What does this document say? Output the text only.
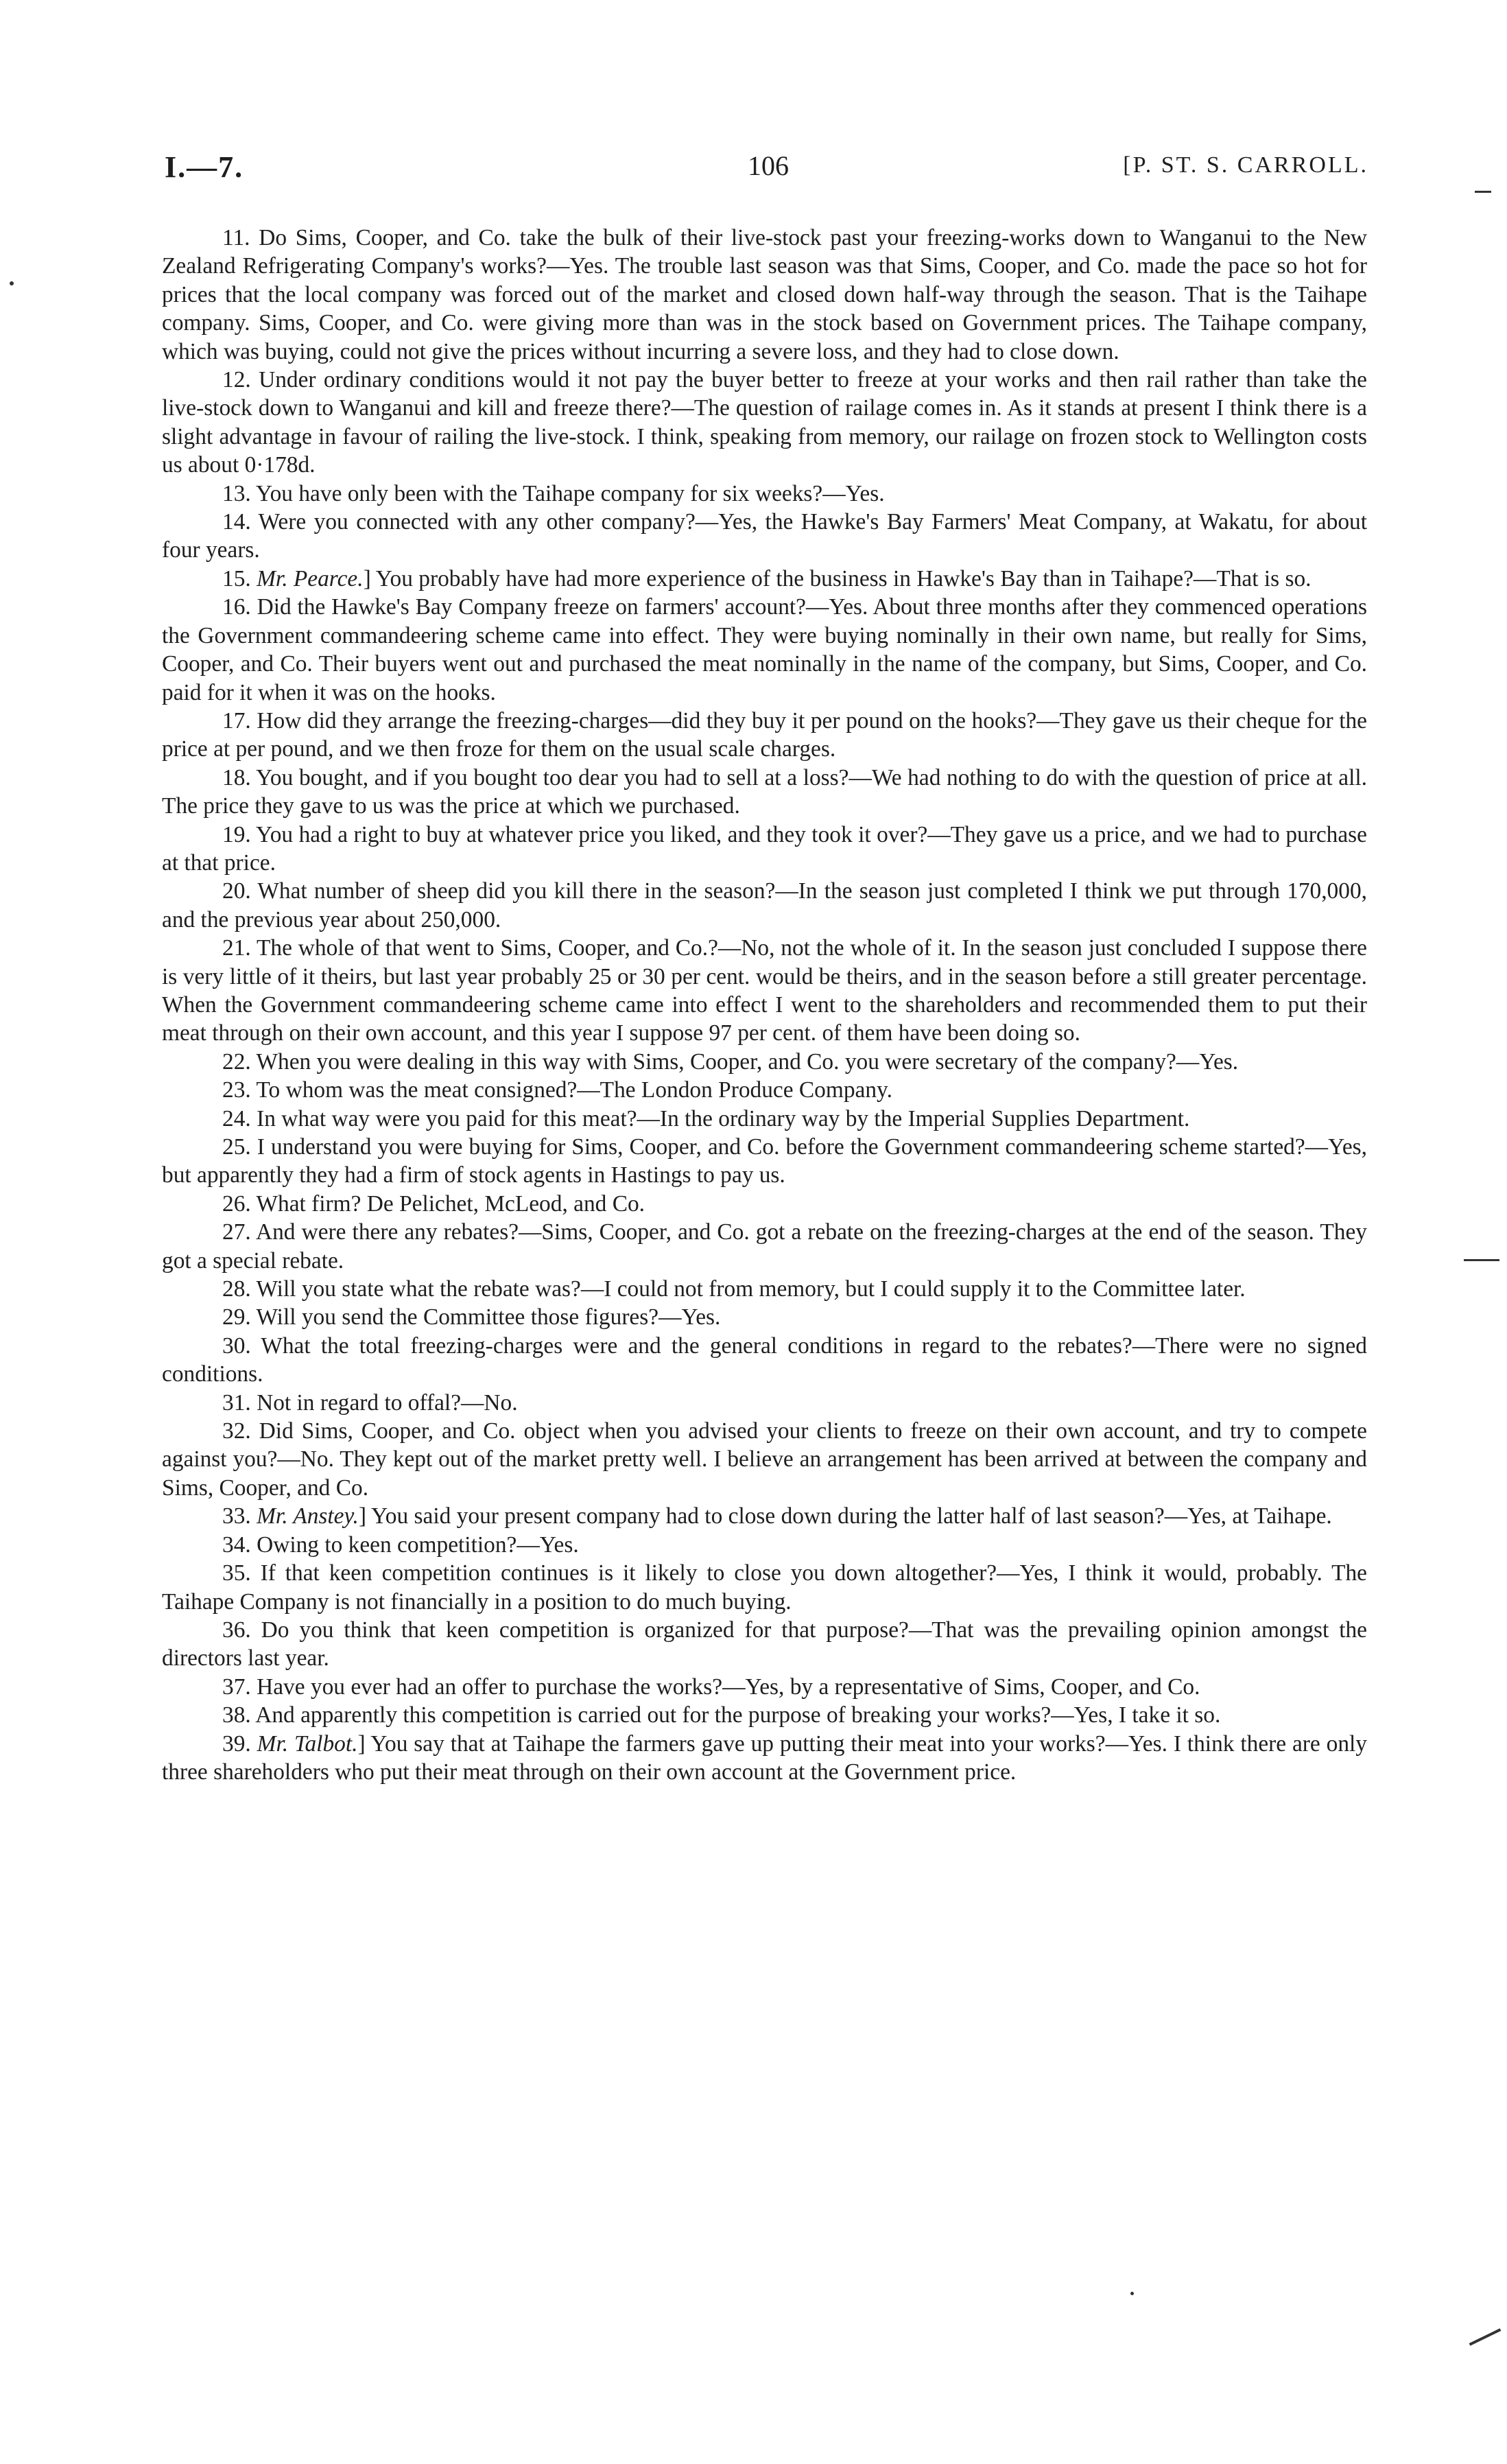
I.—7.	106	[P. ST. S. CARROLL.

11. Do Sims, Cooper, and Co. take the bulk of their live-stock past your freezing-works down to Wanganui to the New Zealand Refrigerating Company's works?—Yes. The trouble last season was that Sims, Cooper, and Co. made the pace so hot for prices that the local company was forced out of the market and closed down half-way through the season. That is the Taihape company. Sims, Cooper, and Co. were giving more than was in the stock based on Government prices. The Taihape company, which was buying, could not give the prices without incurring a severe loss, and they had to close down.

12. Under ordinary conditions would it not pay the buyer better to freeze at your works and then rail rather than take the live-stock down to Wanganui and kill and freeze there?—The question of railage comes in. As it stands at present I think there is a slight advantage in favour of railing the live-stock. I think, speaking from memory, our railage on frozen stock to Wellington costs us about 0·178d.

13. You have only been with the Taihape company for six weeks?—Yes.

14. Were you connected with any other company?—Yes, the Hawke's Bay Farmers' Meat Company, at Wakatu, for about four years.

15. Mr. Pearce.] You probably have had more experience of the business in Hawke's Bay than in Taihape?—That is so.

16. Did the Hawke's Bay Company freeze on farmers' account?—Yes. About three months after they commenced operations the Government commandeering scheme came into effect. They were buying nominally in their own name, but really for Sims, Cooper, and Co. Their buyers went out and purchased the meat nominally in the name of the company, but Sims, Cooper, and Co. paid for it when it was on the hooks.

17. How did they arrange the freezing-charges—did they buy it per pound on the hooks?—They gave us their cheque for the price at per pound, and we then froze for them on the usual scale charges.

18. You bought, and if you bought too dear you had to sell at a loss?—We had nothing to do with the question of price at all. The price they gave to us was the price at which we purchased.

19. You had a right to buy at whatever price you liked, and they took it over?—They gave us a price, and we had to purchase at that price.

20. What number of sheep did you kill there in the season?—In the season just completed I think we put through 170,000, and the previous year about 250,000.

21. The whole of that went to Sims, Cooper, and Co.?—No, not the whole of it. In the season just concluded I suppose there is very little of it theirs, but last year probably 25 or 30 per cent. would be theirs, and in the season before a still greater percentage. When the Government commandeering scheme came into effect I went to the shareholders and recommended them to put their meat through on their own account, and this year I suppose 97 per cent. of them have been doing so.

22. When you were dealing in this way with Sims, Cooper, and Co. you were secretary of the company?—Yes.

23. To whom was the meat consigned?—The London Produce Company.

24. In what way were you paid for this meat?—In the ordinary way by the Imperial Supplies Department.

25. I understand you were buying for Sims, Cooper, and Co. before the Government commandeering scheme started?—Yes, but apparently they had a firm of stock agents in Hastings to pay us.

26. What firm? De Pelichet, McLeod, and Co.

27. And were there any rebates?—Sims, Cooper, and Co. got a rebate on the freezing-charges at the end of the season. They got a special rebate.

28. Will you state what the rebate was?—I could not from memory, but I could supply it to the Committee later.

29. Will you send the Committee those figures?—Yes.

30. What the total freezing-charges were and the general conditions in regard to the rebates?—There were no signed conditions.

31. Not in regard to offal?—No.

32. Did Sims, Cooper, and Co. object when you advised your clients to freeze on their own account, and try to compete against you?—No. They kept out of the market pretty well. I believe an arrangement has been arrived at between the company and Sims, Cooper, and Co.

33. Mr. Anstey.] You said your present company had to close down during the latter half of last season?—Yes, at Taihape.

34. Owing to keen competition?—Yes.

35. If that keen competition continues is it likely to close you down altogether?—Yes, I think it would, probably. The Taihape Company is not financially in a position to do much buying.

36. Do you think that keen competition is organized for that purpose?—That was the prevailing opinion amongst the directors last year.

37. Have you ever had an offer to purchase the works?—Yes, by a representative of Sims, Cooper, and Co.

38. And apparently this competition is carried out for the purpose of breaking your works?—Yes, I take it so.

39. Mr. Talbot.] You say that at Taihape the farmers gave up putting their meat into your works?—Yes. I think there are only three shareholders who put their meat through on their own account at the Government price.
